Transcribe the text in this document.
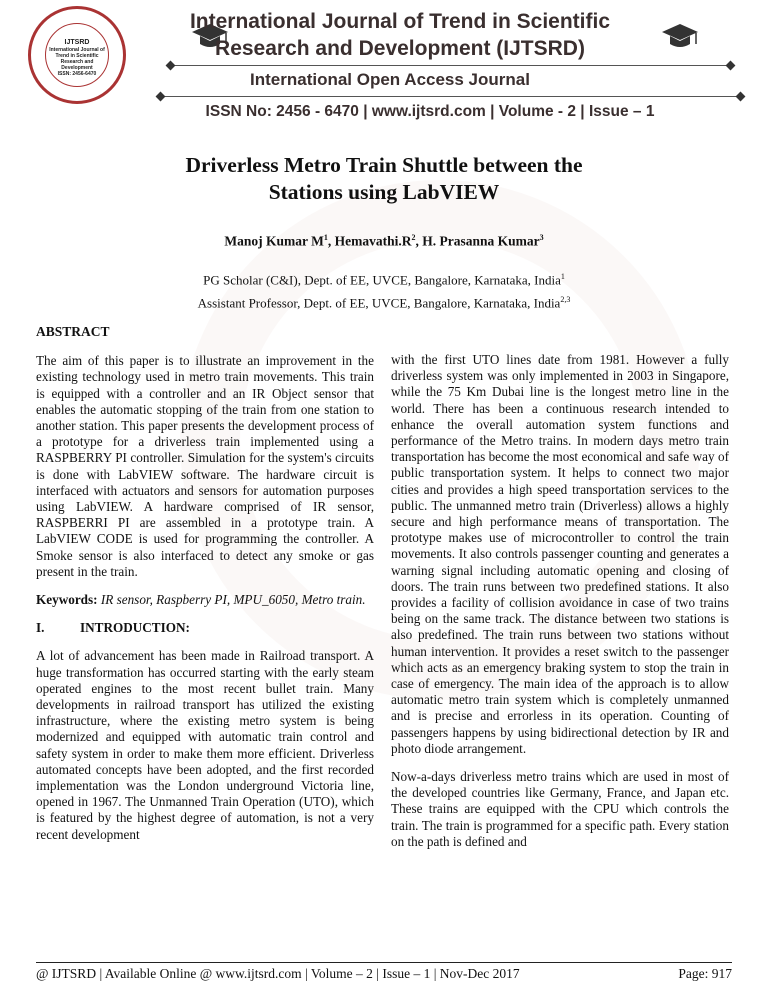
IJTSRD
International Journal of Trend in Scientific Research and Development
ISSN: 2456-6470
International Journal of Trend in Scientific
Research and Development (IJTSRD)
International Open Access Journal
ISSN No: 2456 - 6470 | www.ijtsrd.com | Volume - 2 | Issue – 1
Driverless Metro Train Shuttle between the
Stations using LabVIEW
Manoj Kumar $M^1$, $Hemavathi.R^2$, H. Prasanna Kumar$^3$
PG Scholar (C&I), Dept. of EE, UVCE, Bangalore, Karnataka, India$^1$
Assistant Professor, Dept. of EE, UVCE, Bangalore, Karnataka, India$^{2,3}$
ABSTRACT

The aim of this paper is to illustrate an improvement in the existing technology used in metro train movements. This train is equipped with a controller and an IR Object sensor that enables the automatic stopping of the train from one station to another station. This paper presents the development process of a prototype for a driverless train implemented using a RASPBERRY PI controller. Simulation for the system's circuits is done with LabVIEW software. The hardware circuit is interfaced with actuators and sensors for automation purposes using LabVIEW. A hardware comprised of IR sensor, RASPBERRI PI are assembled in a prototype train. A LabVIEW CODE is used for programming the controller. A Smoke sensor is also interfaced to detect any smoke or gas present in the train.

Keywords: IR sensor, Raspberry PI, MPU_6050, Metro train.

I.	INTRODUCTION:

A lot of advancement has been made in Railroad transport. A huge transformation has occurred starting with the early steam operated engines to the most recent bullet train. Many developments in railroad transport has utilized the existing infrastructure, where the existing metro system is being modernized and equipped with automatic train control and safety system in order to make them more efficient. Driverless automated concepts have been adopted, and the first recorded implementation was the London underground Victoria line, opened in 1967. The Unmanned Train Operation (UTO), which is featured by the highest degree of automation, is not a very recent development

with the first UTO lines date from 1981. However a fully driverless system was only implemented in 2003 in Singapore, while the 75 Km Dubai line is the longest metro line in the world. There has been a continuous research intended to enhance the overall automation system functions and performance of the Metro trains. In modern days metro train transportation has become the most economical and safe way of public transportation system. It helps to connect two major cities and provides a high speed transportation services to the public. The unmanned metro train (Driverless) allows a highly secure and high performance means of transportation. The prototype makes use of microcontroller to control the train movements. It also controls passenger counting and generates a warning signal including automatic opening and closing of doors. The train runs between two predefined stations. It also provides a facility of collision avoidance in case of two trains being on the same track. The distance between two stations is also predefined. The train runs between two stations without human intervention. It provides a reset switch to the passenger which acts as an emergency braking system to stop the train in case of emergency. The main idea of the approach is to allow automatic metro train system which is completely unmanned and is precise and errorless in its operation. Counting of passengers happens by using bidirectional detection by IR and photo diode arrangement.

Now-a-days driverless metro trains which are used in most of the developed countries like Germany, France, and Japan etc. These trains are equipped with the CPU which controls the train. The train is programmed for a specific path. Every station on the path is defined and

@ IJTSRD | Available Online @ www.ijtsrd.com | Volume – 2 | Issue – 1 | Nov-Dec 2017	Page: 917
